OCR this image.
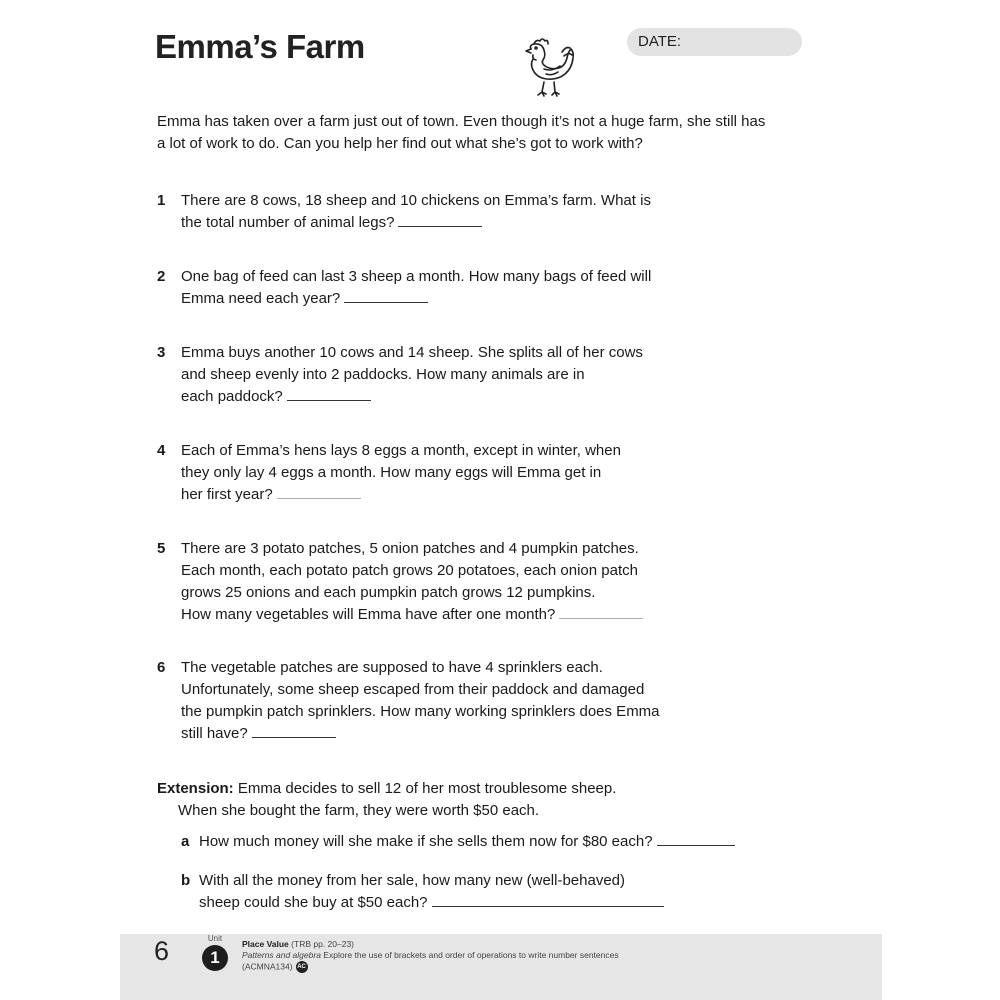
Emma’s Farm	DATE:
Emma has taken over a farm just out of town. Even though it’s not a huge farm, she still has a lot of work to do. Can you help her find out what she’s got to work with?
1 There are 8 cows, 18 sheep and 10 chickens on Emma’s farm. What is
the total number of animal legs?
2 One bag of feed can last 3 sheep a month. How many bags of feed will
Emma need each year?
3 Emma buys another 10 cows and 14 sheep. She splits all of her cows
and sheep evenly into 2 paddocks. How many animals are in
each paddock?
4 Each of Emma’s hens lays 8 eggs a month, except in winter, when
they only lay 4 eggs a month. How many eggs will Emma get in
her first year?
5 There are 3 potato patches, 5 onion patches and 4 pumpkin patches.
Each month, each potato patch grows 20 potatoes, each onion patch
grows 25 onions and each pumpkin patch grows 12 pumpkins.
How many vegetables will Emma have after one month?
6 The vegetable patches are supposed to have 4 sprinklers each.
Unfortunately, some sheep escaped from their paddock and damaged
the pumpkin patch sprinklers. How many working sprinklers does Emma
still have?
Extension: Emma decides to sell 12 of her most troublesome sheep.
When she bought the farm, they were worth $50 each.
a How much money will she make if she sells them now for $80 each?
b With all the money from her sale, how many new (well-behaved)
sheep could she buy at $50 each?
6	Unit
1
Place Value (TRB pp. 20–23)
Patterns and algebra Explore the use of brackets and order of operations to write number sentences
(ACMNA134) AC
